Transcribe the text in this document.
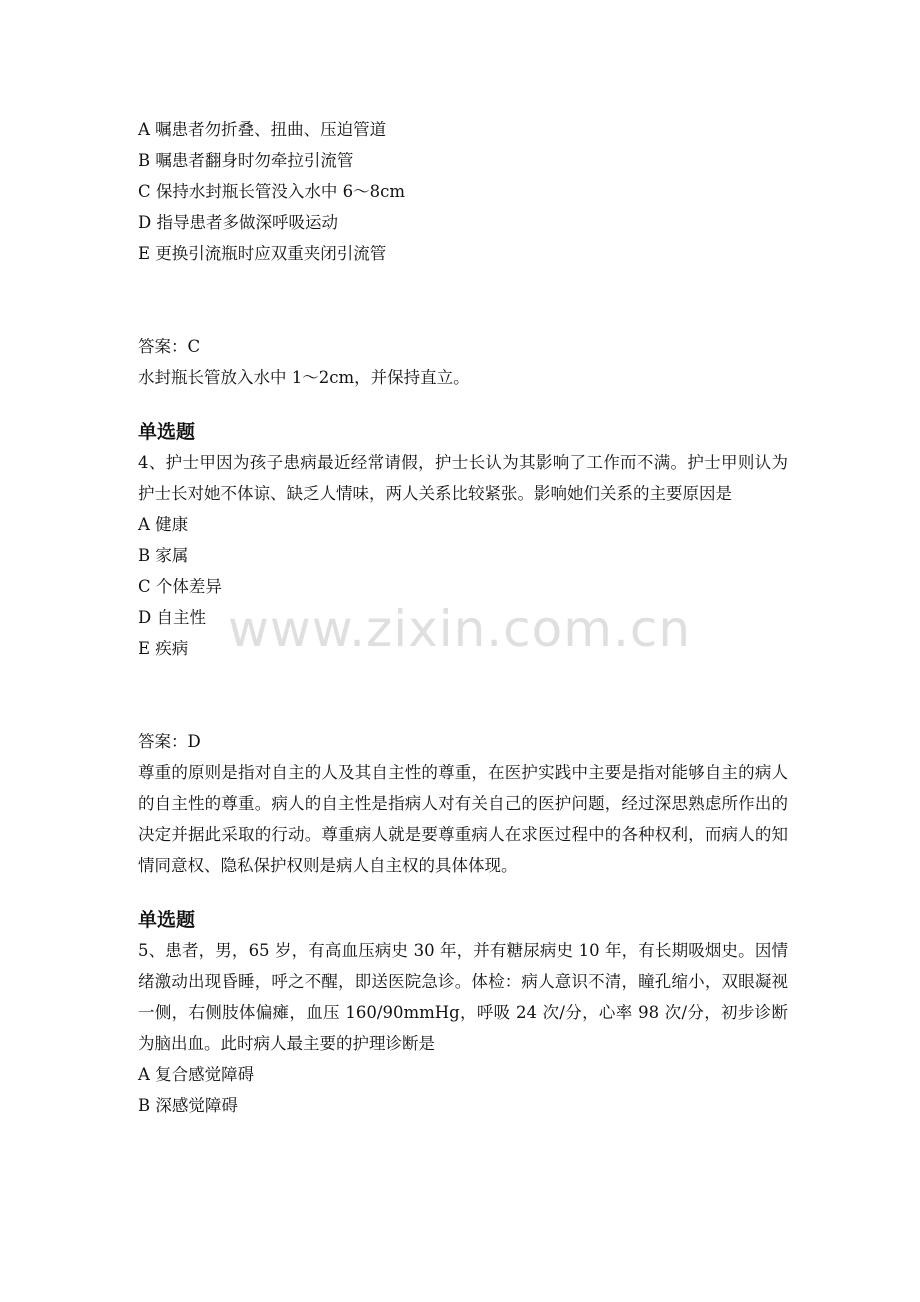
A 嘱患者勿折叠、扭曲、压迫管道
B 嘱患者翻身时勿牵拉引流管
C 保持水封瓶长管没入水中 6～8cm
D 指导患者多做深呼吸运动
E 更换引流瓶时应双重夹闭引流管
答案：C
水封瓶长管放入水中 1～2cm，并保持直立。
单选题
4、护士甲因为孩子患病最近经常请假，护士长认为其影响了工作而不满。护士甲则认为护士长对她不体谅、缺乏人情味，两人关系比较紧张。影响她们关系的主要原因是
A 健康
B 家属
C 个体差异
D 自主性
E 疾病
答案：D
尊重的原则是指对自主的人及其自主性的尊重，在医护实践中主要是指对能够自主的病人的自主性的尊重。病人的自主性是指病人对有关自己的医护问题，经过深思熟虑所作出的决定并据此采取的行动。尊重病人就是要尊重病人在求医过程中的各种权利，而病人的知情同意权、隐私保护权则是病人自主权的具体体现。
单选题
5、患者，男，65 岁，有高血压病史 30 年，并有糖尿病史 10 年，有长期吸烟史。因情绪激动出现昏睡，呼之不醒，即送医院急诊。体检：病人意识不清，瞳孔缩小，双眼凝视一侧，右侧肢体偏瘫，血压 160/90mmHg，呼吸 24 次/分，心率 98 次/分，初步诊断为脑出血。此时病人最主要的护理诊断是
A 复合感觉障碍
B 深感觉障碍
www.zixin.com.cn
